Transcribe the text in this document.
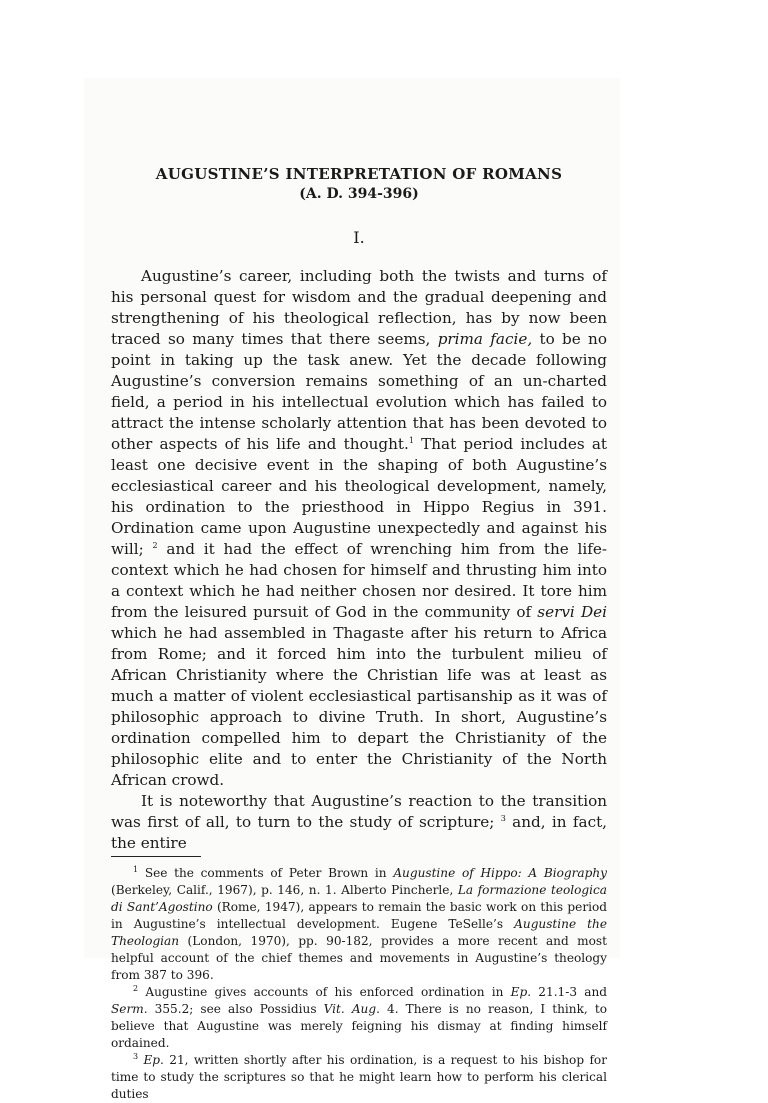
AUGUSTINE’S INTERPRETATION OF ROMANS
(A. D. 394-396)
I.

Augustine’s career, including both the twists and turns of his personal quest for wisdom and the gradual deepening and strengthening of his theological reflection, has by now been traced so many times that there seems, prima facie, to be no point in taking up the task anew. Yet the decade following Augustine’s conversion remains something of an un-charted field, a period in his intellectual evolution which has failed to attract the intense scholarly attention that has been devoted to other aspects of his life and thought.$^1$ That period includes at least one decisive event in the shaping of both Augustine’s ecclesiastical career and his theological development, namely, his ordination to the priesthood in Hippo Regius in 391. Ordination came upon Augustine unexpectedly and against his will; $^2$ and it had the effect of wrenching him from the life-context which he had chosen for himself and thrusting him into a context which he had neither chosen nor desired. It tore him from the leisured pursuit of God in the community of servi Dei which he had assembled in Thagaste after his return to Africa from Rome; and it forced him into the turbulent milieu of African Christianity where the Christian life was at least as much a matter of violent ecclesiastical partisanship as it was of philosophic approach to divine Truth. In short, Augustine’s ordination compelled him to depart the Christianity of the philosophic elite and to enter the Christianity of the North African crowd.

It is noteworthy that Augustine’s reaction to the transition was first of all, to turn to the study of scripture; $^3$ and, in fact, the entire

$^1$ See the comments of Peter Brown in Augustine of Hippo: A Biography (Berkeley, Calif., 1967), p. 146, n. 1. Alberto Pincherle, La formazione teologica di Sant’Agostino (Rome, 1947), appears to remain the basic work on this period in Augustine’s intellectual development. Eugene TeSelle’s Augustine the Theologian (London, 1970), pp. 90-182, provides a more recent and most helpful account of the chief themes and movements in Augustine’s theology from 387 to 396.

$^2$ Augustine gives accounts of his enforced ordination in Ep. 21.1-3 and Serm. 355.2; see also Possidius Vit. Aug. 4. There is no reason, I think, to believe that Augustine was merely feigning his dismay at finding himself ordained.

$^3$ Ep. 21, written shortly after his ordination, is a request to his bishop for time to study the scriptures so that he might learn how to perform his clerical duties
